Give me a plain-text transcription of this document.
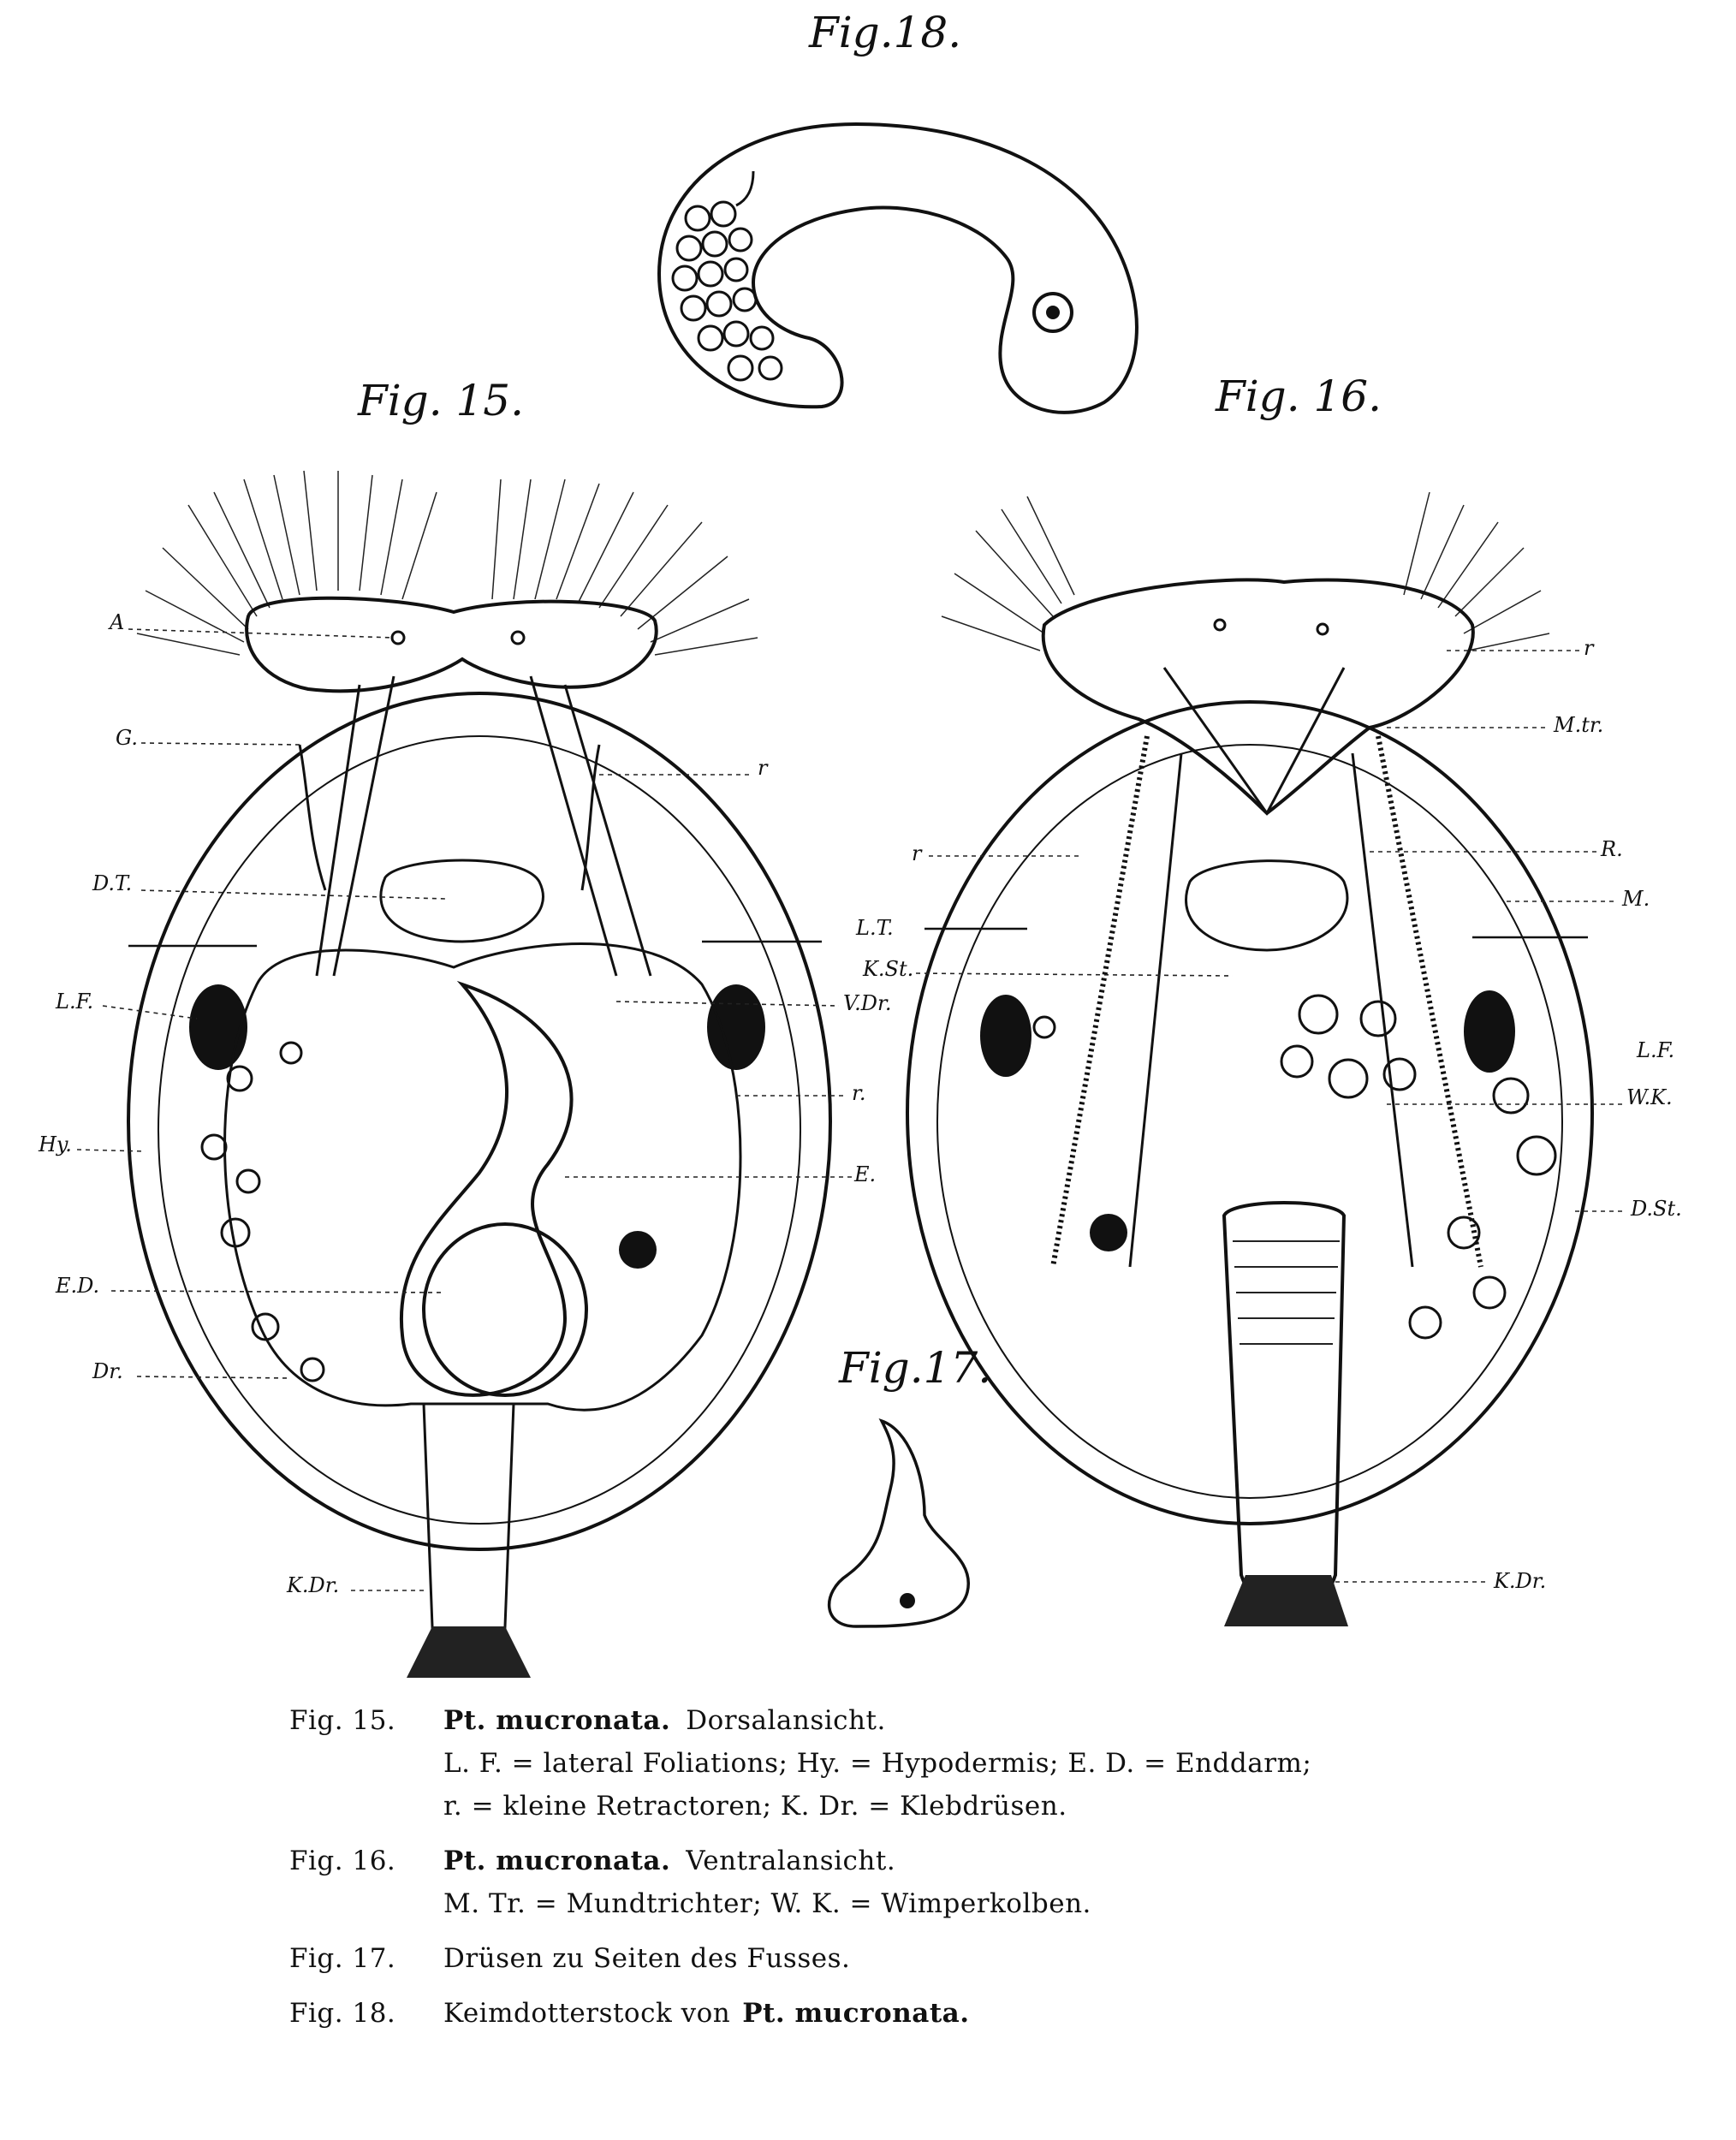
Fig.18.
Fig. 15.	Fig. 16.
Fig.17.
A
G.
r
D.T.
L.T.
L.F.	V.Dr.
r.
Hy.
E.
E.D.
Dr.
K.Dr.
r
M.tr.
r	R.
M.
K.St.
L.F.
W.K.
D.St.
K.Dr.
Fig. 15.	Pt. mucronata. Dorsalansicht.
L. F. = lateral Foliations; Hy. = Hypodermis; E. D. = Enddarm;
r. = kleine Retractoren; K. Dr. = Klebdrüsen.
Fig. 16.	Pt. mucronata. Ventralansicht.
M. Tr. = Mundtrichter; W. K. = Wimperkolben.
Fig. 17.	Drüsen zu Seiten des Fusses.
Fig. 18.	Keimdotterstock von Pt. mucronata.
